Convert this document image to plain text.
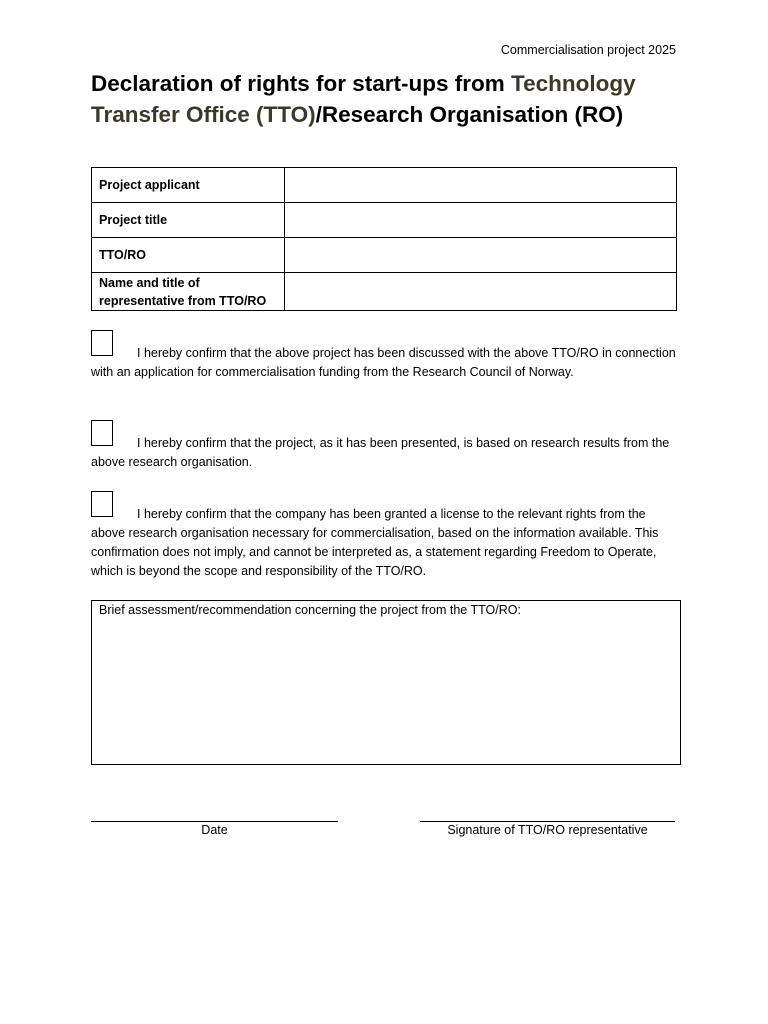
Commercialisation project 2025
Declaration of rights for start-ups from Technology Transfer Office (TTO)/Research Organisation (RO)
Project applicant	
Project title	
TTO/RO	
Name and title of
representative from TTO/RO	
I hereby confirm that the above project has been discussed with the above TTO/RO in connection with an application for commercialisation funding from the Research Council of Norway.
I hereby confirm that the project, as it has been presented, is based on research results from the above research organisation.
I hereby confirm that the company has been granted a license to the relevant rights from the above research organisation necessary for commercialisation, based on the information available. This confirmation does not imply, and cannot be interpreted as, a statement regarding Freedom to Operate, which is beyond the scope and responsibility of the TTO/RO.
Brief assessment/recommendation concerning the project from the TTO/RO:
Date	Signature of TTO/RO representative
